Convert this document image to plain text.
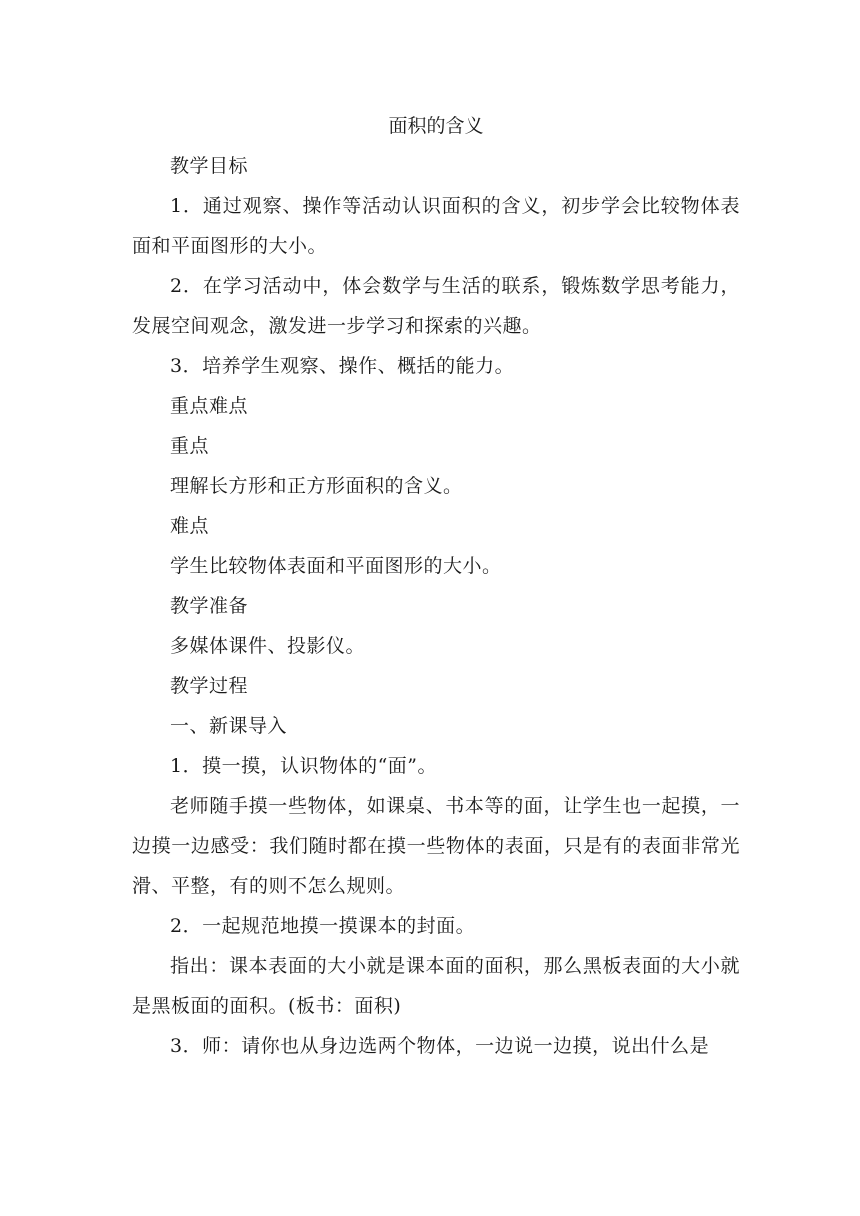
面积的含义

教学目标

1．通过观察、操作等活动认识面积的含义，初步学会比较物体表面和平面图形的大小。

2．在学习活动中，体会数学与生活的联系，锻炼数学思考能力，发展空间观念，激发进一步学习和探索的兴趣。

3．培养学生观察、操作、概括的能力。

重点难点

重点

理解长方形和正方形面积的含义。

难点

学生比较物体表面和平面图形的大小。

教学准备

多媒体课件、投影仪。

教学过程

一、新课导入

1．摸一摸，认识物体的“面”。

老师随手摸一些物体，如课桌、书本等的面，让学生也一起摸，一边摸一边感受：我们随时都在摸一些物体的表面，只是有的表面非常光滑、平整，有的则不怎么规则。

2．一起规范地摸一摸课本的封面。

指出：课本表面的大小就是课本面的面积，那么黑板表面的大小就是黑板面的面积。(板书：面积)

3．师：请你也从身边选两个物体，一边说一边摸，说出什么是
